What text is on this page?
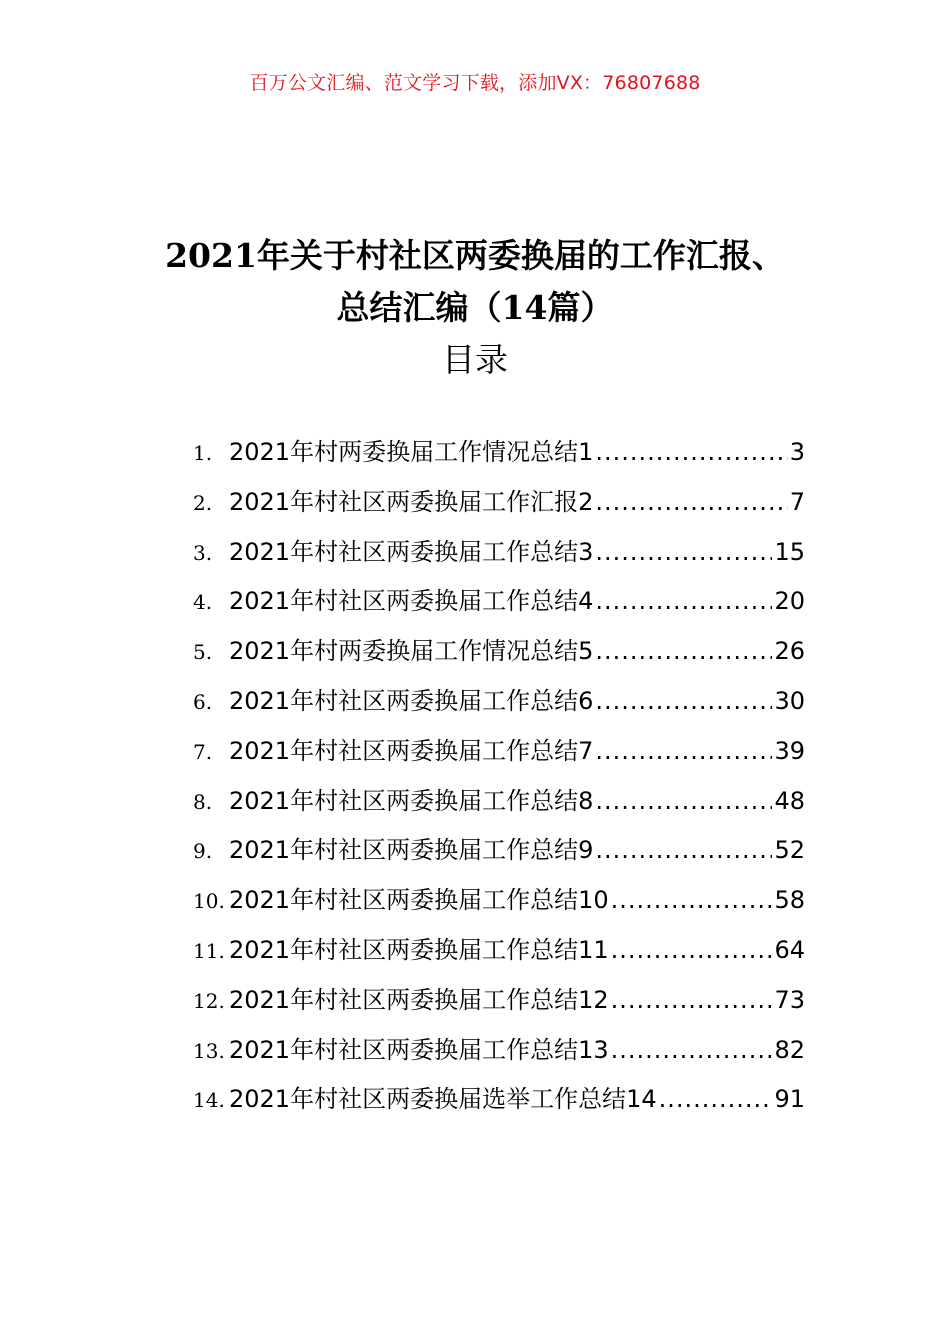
百万公文汇编、范文学习下载，添加VX：76807688
2021年关于村社区两委换届的工作汇报、
总结汇编（14篇）
目录
1. 2021年村两委换届工作情况总结1 .....	3
2. 2021年村社区两委换届工作汇报2 .....	7
3. 2021年村社区两委换届工作总结3 .....	15
4. 2021年村社区两委换届工作总结4 .....	20
5. 2021年村两委换届工作情况总结5 .....	26
6. 2021年村社区两委换届工作总结6 .....	30
7. 2021年村社区两委换届工作总结7 .....	39
8. 2021年村社区两委换届工作总结8 .....	48
9. 2021年村社区两委换届工作总结9 .....	52
10. 2021年村社区两委换届工作总结10 .....	58
11. 2021年村社区两委换届工作总结11 .....	64
12. 2021年村社区两委换届工作总结12 .....	73
13. 2021年村社区两委换届工作总结13 .....	82
14. 2021年村社区两委换届选举工作总结14 .....	91
